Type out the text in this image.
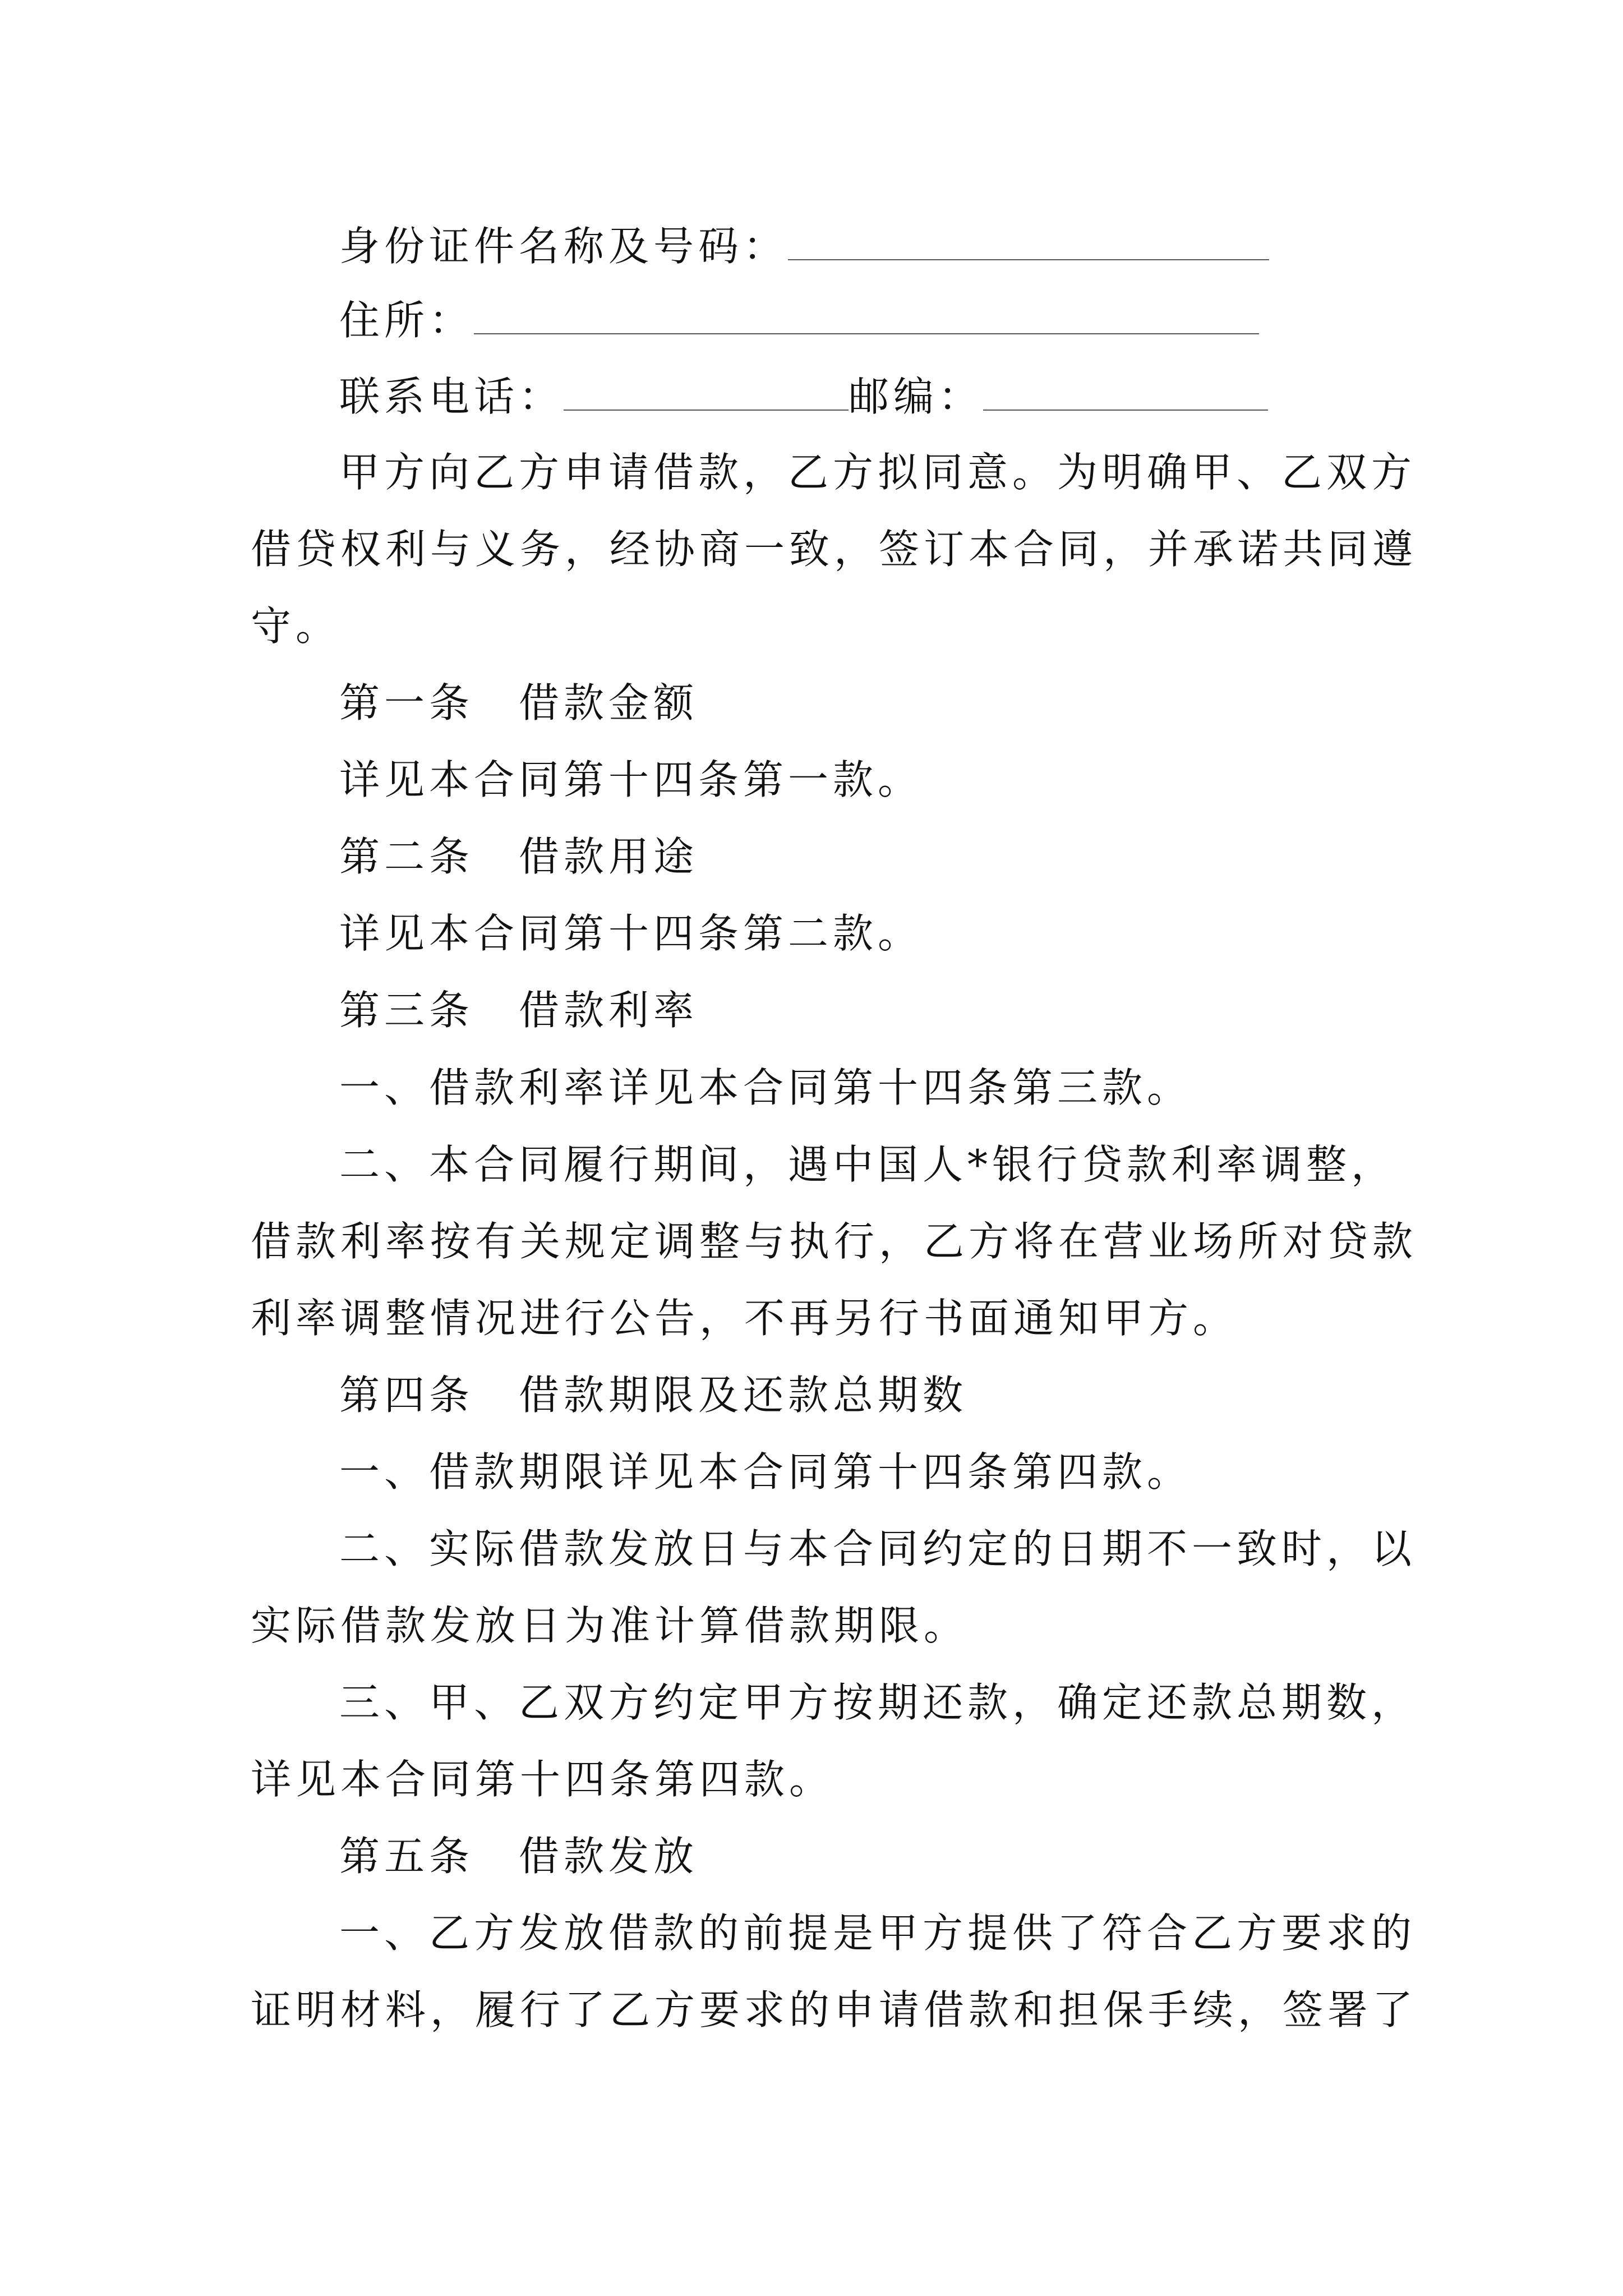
身份证件名称及号码：
住所：
联系电话：	邮编：
甲方向乙方申请借款，乙方拟同意。为明确甲、乙双方
借贷权利与义务，经协商一致，签订本合同，并承诺共同遵
守。
第一条　借款金额
详见本合同第十四条第一款。
第二条　借款用途
详见本合同第十四条第二款。
第三条　借款利率
一、借款利率详见本合同第十四条第三款。
二、本合同履行期间，遇中国人*银行贷款利率调整，
借款利率按有关规定调整与执行，乙方将在营业场所对贷款
利率调整情况进行公告，不再另行书面通知甲方。
第四条　借款期限及还款总期数
一、借款期限详见本合同第十四条第四款。
二、实际借款发放日与本合同约定的日期不一致时，以
实际借款发放日为准计算借款期限。
三、甲、乙双方约定甲方按期还款，确定还款总期数，
详见本合同第十四条第四款。
第五条　借款发放
一、乙方发放借款的前提是甲方提供了符合乙方要求的
证明材料，履行了乙方要求的申请借款和担保手续，签署了
